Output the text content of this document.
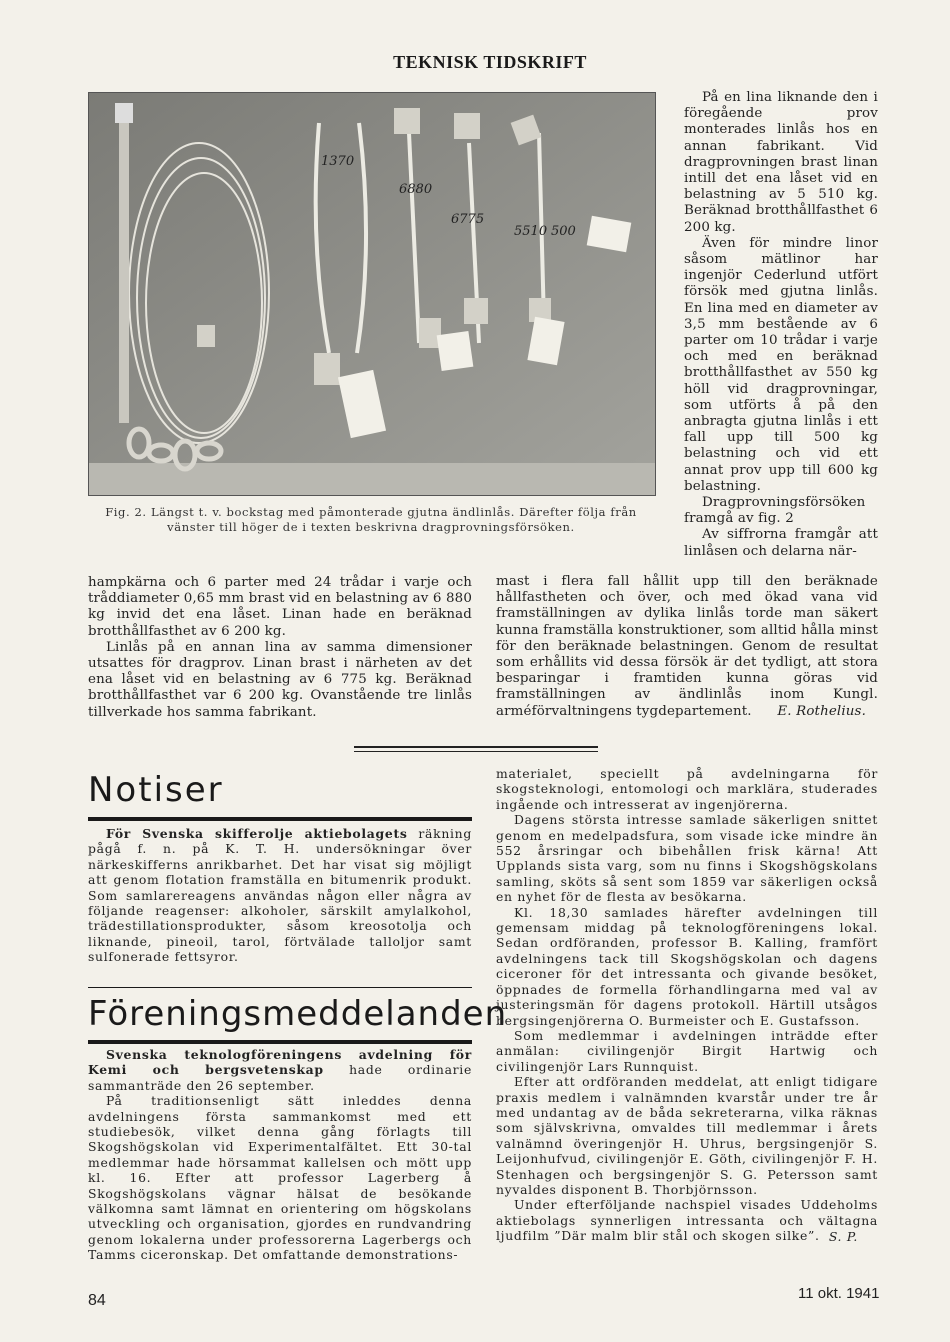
TEKNISK TIDSKRIFT
1370
6880
6775
5510 500
Fig. 2. Längst t. v. bockstag med påmonterade gjutna ändlinlås. Därefter följa från vänster till höger de i texten beskrivna dragprovningsförsöken.

På en lina liknande den i föregående prov monterades linlås hos en annan fabrikant. Vid dragprovningen brast linan intill det ena låset vid en belastning av 5 510 kg. Beräknad brotthållfasthet 6 200 kg.

Även för mindre linor såsom mätlinor har ingenjör Cederlund utfört försök med gjutna linlås. En lina med en diameter av 3,5 mm bestående av 6 parter om 10 trådar i varje och med en beräknad brotthållfasthet av 550 kg höll vid dragprovningar, som utförts å på den anbragta gjutna linlås i ett fall upp till 500 kg belastning och vid ett annat prov upp till 600 kg belastning.

Dragprovningsförsöken framgå av fig. 2

Av siffrorna framgår att linlåsen och delarna när-

hampkärna och 6 parter med 24 trådar i varje och tråddiameter 0,65 mm brast vid en belastning av 6 880 kg invid det ena låset. Linan hade en beräknad brotthållfasthet av 6 200 kg.

Linlås på en annan lina av samma dimensioner utsattes för dragprov. Linan brast i närheten av det ena låset vid en belastning av 6 775 kg. Beräknad brotthållfasthet var 6 200 kg. Ovanstående tre linlås tillverkade hos samma fabrikant.

mast i flera fall hållit upp till den beräknade hållfastheten och över, och med ökad vana vid framställningen av dylika linlås torde man säkert kunna framställa konstruktioner, som alltid hålla minst för den beräknade belastningen. Genom de resultat som erhållits vid dessa försök är det tydligt, att stora besparingar i framtiden kunna göras vid framställningen av ändlinlås inom Kungl. arméförvaltningens tygdepartement.	E. Rothelius.
Notiser

För Svenska skifferolje aktiebolagets räkning pågå f. n. på K. T. H. undersökningar över närkeskifferns anrikbarhet. Det har visat sig möjligt att genom flotation framställa en bitumenrik produkt. Som samlarereagens användas någon eller några av följande reagenser: alkoholer, särskilt amylalkohol, trädestillationsprodukter, såsom kreosotolja och liknande, pineoil, tarol, förtvälade talloljor samt sulfonerade fettsyror.

Föreningsmeddelanden

Svenska teknologföreningens avdelning för Kemi och bergsvetenskap hade ordinarie sammanträde den 26 september.

På traditionsenligt sätt inleddes denna avdelningens första sammankomst med ett studiebesök, vilket denna gång förlagts till Skogshögskolan vid Experimentalfältet. Ett 30-tal medlemmar hade hörsammat kallelsen och mött upp kl. 16. Efter att professor Lagerberg å Skogshögskolans vägnar hälsat de besökande välkomna samt lämnat en orientering om högskolans utveckling och organisation, gjordes en rundvandring genom lokalerna under professorerna Lagerbergs och Tamms ciceronskap. Det omfattande demonstrations-

materialet, speciellt på avdelningarna för skogsteknologi, entomologi och marklära, studerades ingående och intresserat av ingenjörerna.

Dagens största intresse samlade säkerligen snittet genom en medelpadsfura, som visade icke mindre än 552 årsringar och bibehållen frisk kärna! Att Upplands sista varg, som nu finns i Skogshögskolans samling, sköts så sent som 1859 var säkerligen också en nyhet för de flesta av besökarna.

Kl. 18,30 samlades härefter avdelningen till gemensam middag på teknologföreningens lokal. Sedan ordföranden, professor B. Kalling, framfört avdelningens tack till Skogshögskolan och dagens ciceroner för det intressanta och givande besöket, öppnades de formella förhandlingarna med val av justeringsmän för dagens protokoll. Härtill utsågos bergsingenjörerna O. Burmeister och E. Gustafsson.

Som medlemmar i avdelningen inträdde efter anmälan: civilingenjör Birgit Hartwig och civilingenjör Lars Runnquist.

Efter att ordföranden meddelat, att enligt tidigare praxis medlem i valnämnden kvarstår under tre år med undantag av de båda sekreterarna, vilka räknas som självskrivna, omvaldes till medlemmar i årets valnämnd överingenjör H. Uhrus, bergsingenjör S. Leijonhufvud, civilingenjör E. Göth, civilingenjör F. H. Stenhagen och bergsingenjör S. G. Petersson samt nyvaldes disponent B. Thorbjörnsson.

Under efterföljande nachspiel visades Uddeholms aktiebolags synnerligen intressanta och vältagna ljudfilm ”Där malm blir stål och skogen silke”. S. P.
84	11 okt. 1941
